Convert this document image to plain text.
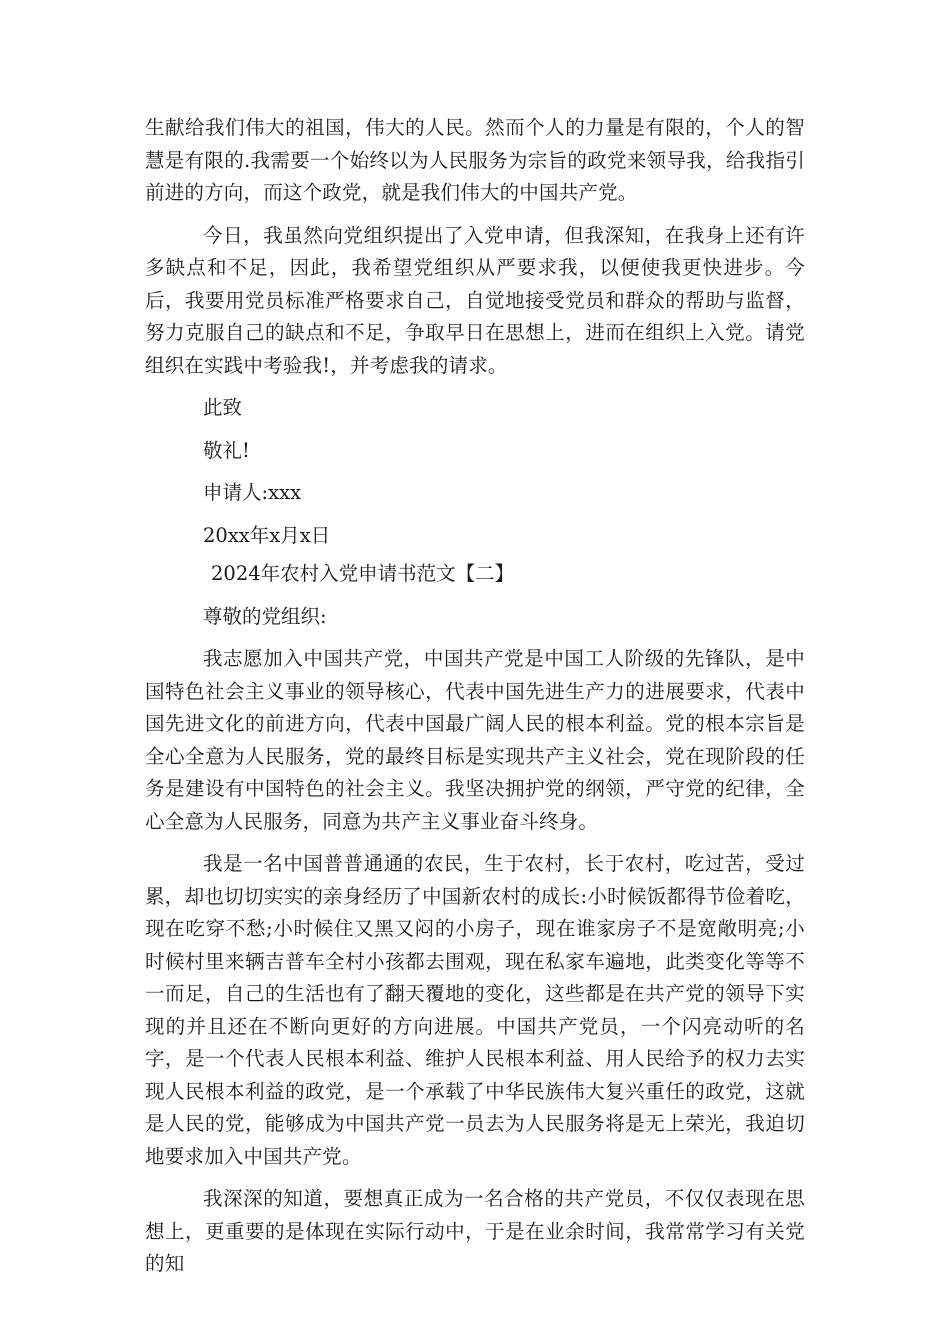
生献给我们伟大的祖国，伟大的人民。然而个人的力量是有限的，个人的智慧是有限的.我需要一个始终以为人民服务为宗旨的政党来领导我，给我指引前进的方向，而这个政党，就是我们伟大的中国共产党。

今日，我虽然向党组织提出了入党申请，但我深知，在我身上还有许多缺点和不足，因此，我希望党组织从严要求我，以便使我更快进步。今后，我要用党员标准严格要求自己，自觉地接受党员和群众的帮助与监督，努力克服自己的缺点和不足，争取早日在思想上，进而在组织上入党。请党组织在实践中考验我!，并考虑我的请求。

此致

敬礼!

申请人:xxx

20xx年x月x日

2024年农村入党申请书范文【二】

尊敬的党组织:

我志愿加入中国共产党，中国共产党是中国工人阶级的先锋队，是中国特色社会主义事业的领导核心，代表中国先进生产力的进展要求，代表中国先进文化的前进方向，代表中国最广阔人民的根本利益。党的根本宗旨是全心全意为人民服务，党的最终目标是实现共产主义社会，党在现阶段的任务是建设有中国特色的社会主义。我坚决拥护党的纲领，严守党的纪律，全心全意为人民服务，同意为共产主义事业奋斗终身。

我是一名中国普普通通的农民，生于农村，长于农村，吃过苦，受过累，却也切切实实的亲身经历了中国新农村的成长:小时候饭都得节俭着吃，现在吃穿不愁;小时候住又黑又闷的小房子，现在谁家房子不是宽敞明亮;小时候村里来辆吉普车全村小孩都去围观，现在私家车遍地，此类变化等等不一而足，自己的生活也有了翻天覆地的变化，这些都是在共产党的领导下实现的并且还在不断向更好的方向进展。中国共产党员，一个闪亮动听的名字，是一个代表人民根本利益、维护人民根本利益、用人民给予的权力去实现人民根本利益的政党，是一个承载了中华民族伟大复兴重任的政党，这就是人民的党，能够成为中国共产党一员去为人民服务将是无上荣光，我迫切地要求加入中国共产党。

我深深的知道，要想真正成为一名合格的共产党员，不仅仅表现在思想上，更重要的是体现在实际行动中，于是在业余时间，我常常学习有关党的知
